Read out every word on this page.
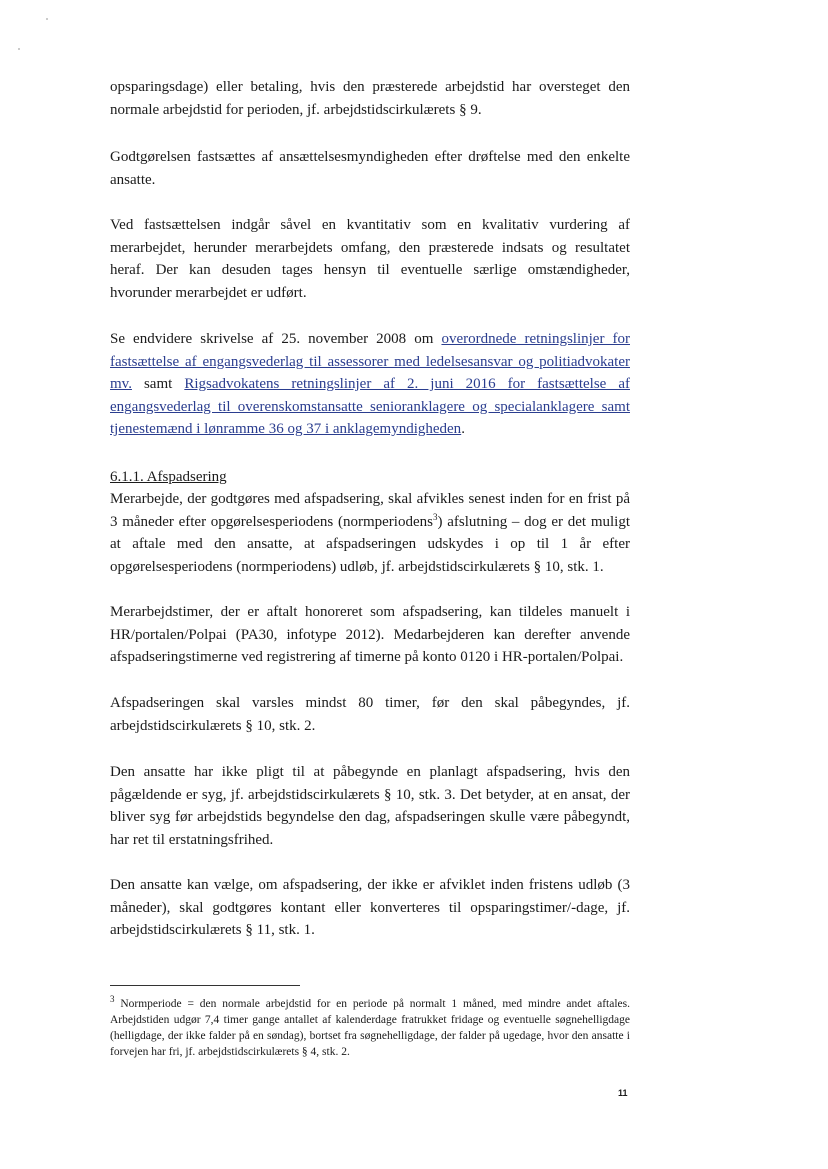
opsparingsdage) eller betaling, hvis den præsterede arbejdstid har oversteget den normale arbejdstid for perioden, jf. arbejdstidscirkulærets § 9.

Godtgørelsen fastsættes af ansættelsesmyndigheden efter drøftelse med den enkelte ansatte.

Ved fastsættelsen indgår såvel en kvantitativ som en kvalitativ vurdering af merarbejdet, herunder merarbejdets omfang, den præsterede indsats og resultatet heraf. Der kan desuden tages hensyn til eventuelle særlige omstændigheder, hvorunder merarbejdet er udført.

Se endvidere skrivelse af 25. november 2008 om overordnede retningslinjer for fastsættelse af engangsvederlag til assessorer med ledelsesansvar og politiadvokater mv. samt Rigsadvokatens retningslinjer af 2. juni 2016 for fastsættelse af engangsvederlag til overenskomstansatte senioranklagere og specialanklagere samt tjenestemænd i lønramme 36 og 37 i anklagemyndigheden.

6.1.1. Afspadsering

Merarbejde, der godtgøres med afspadsering, skal afvikles senest inden for en frist på 3 måneder efter opgørelsesperiodens (normperiodens$^3$) afslutning – dog er det muligt at aftale med den ansatte, at afspadseringen udskydes i op til 1 år efter opgørelsesperiodens (normperiodens) udløb, jf. arbejdstidscirkulærets § 10, stk. 1.

Merarbejdstimer, der er aftalt honoreret som afspadsering, kan tildeles manuelt i HR/portalen/Polpai (PA30, infotype 2012). Medarbejderen kan derefter anvende afspadseringstimerne ved registrering af timerne på konto 0120 i HR-portalen/Polpai.

Afspadseringen skal varsles mindst 80 timer, før den skal påbegyndes, jf. arbejdstidscirkulærets § 10, stk. 2.

Den ansatte har ikke pligt til at påbegynde en planlagt afspadsering, hvis den pågældende er syg, jf. arbejdstidscirkulærets § 10, stk. 3. Det betyder, at en ansat, der bliver syg før arbejdstids begyndelse den dag, afspadseringen skulle være påbegyndt, har ret til erstatningsfrihed.

Den ansatte kan vælge, om afspadsering, der ikke er afviklet inden fristens udløb (3 måneder), skal godtgøres kontant eller konverteres til opsparingstimer/-dage, jf. arbejdstidscirkulærets § 11, stk. 1.

$^3$ Normperiode = den normale arbejdstid for en periode på normalt 1 måned, med mindre andet aftales. Arbejdstiden udgør 7,4 timer gange antallet af kalenderdage fratrukket fridage og eventuelle søgnehelligdage (helligdage, der ikke falder på en søndag), bortset fra søgnehelligdage, der falder på ugedage, hvor den ansatte i forvejen har fri, jf. arbejdstidscirkulærets § 4, stk. 2.

11
